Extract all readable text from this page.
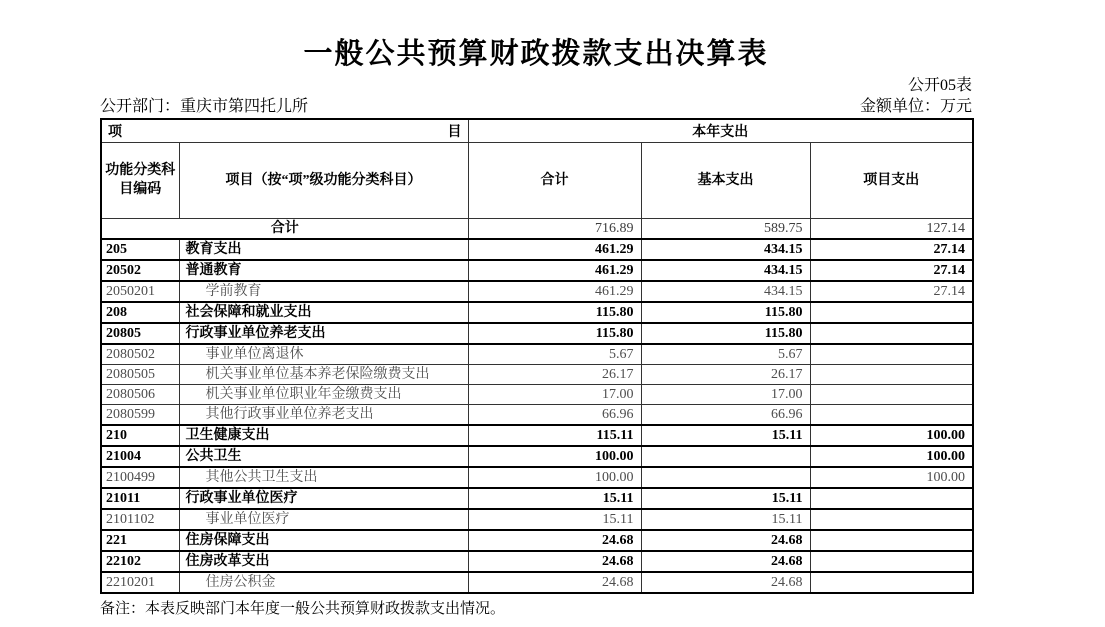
一般公共预算财政拨款支出决算表
公开05表
公开部门：重庆市第四托儿所	金额单位：万元
项 目		本年支出		
功能分类科目编码	项目（按“项”级功能分类科目）	合计	基本支出	项目支出
合计		716.89	589.75	127.14
205	教育支出	461.29	434.15	27.14
20502	普通教育	461.29	434.15	27.14
2050201	学前教育	461.29	434.15	27.14
208	社会保障和就业支出	115.80	115.80	
20805	行政事业单位养老支出	115.80	115.80	
2080502	事业单位离退休	5.67	5.67	
2080505	机关事业单位基本养老保险缴费支出	26.17	26.17	
2080506	机关事业单位职业年金缴费支出	17.00	17.00	
2080599	其他行政事业单位养老支出	66.96	66.96	
210	卫生健康支出	115.11	15.11	100.00
21004	公共卫生	100.00		100.00
2100499	其他公共卫生支出	100.00		100.00
21011	行政事业单位医疗	15.11	15.11	
2101102	事业单位医疗	15.11	15.11	
221	住房保障支出	24.68	24.68	
22102	住房改革支出	24.68	24.68	
2210201	住房公积金	24.68	24.68	
备注：本表反映部门本年度一般公共预算财政拨款支出情况。
